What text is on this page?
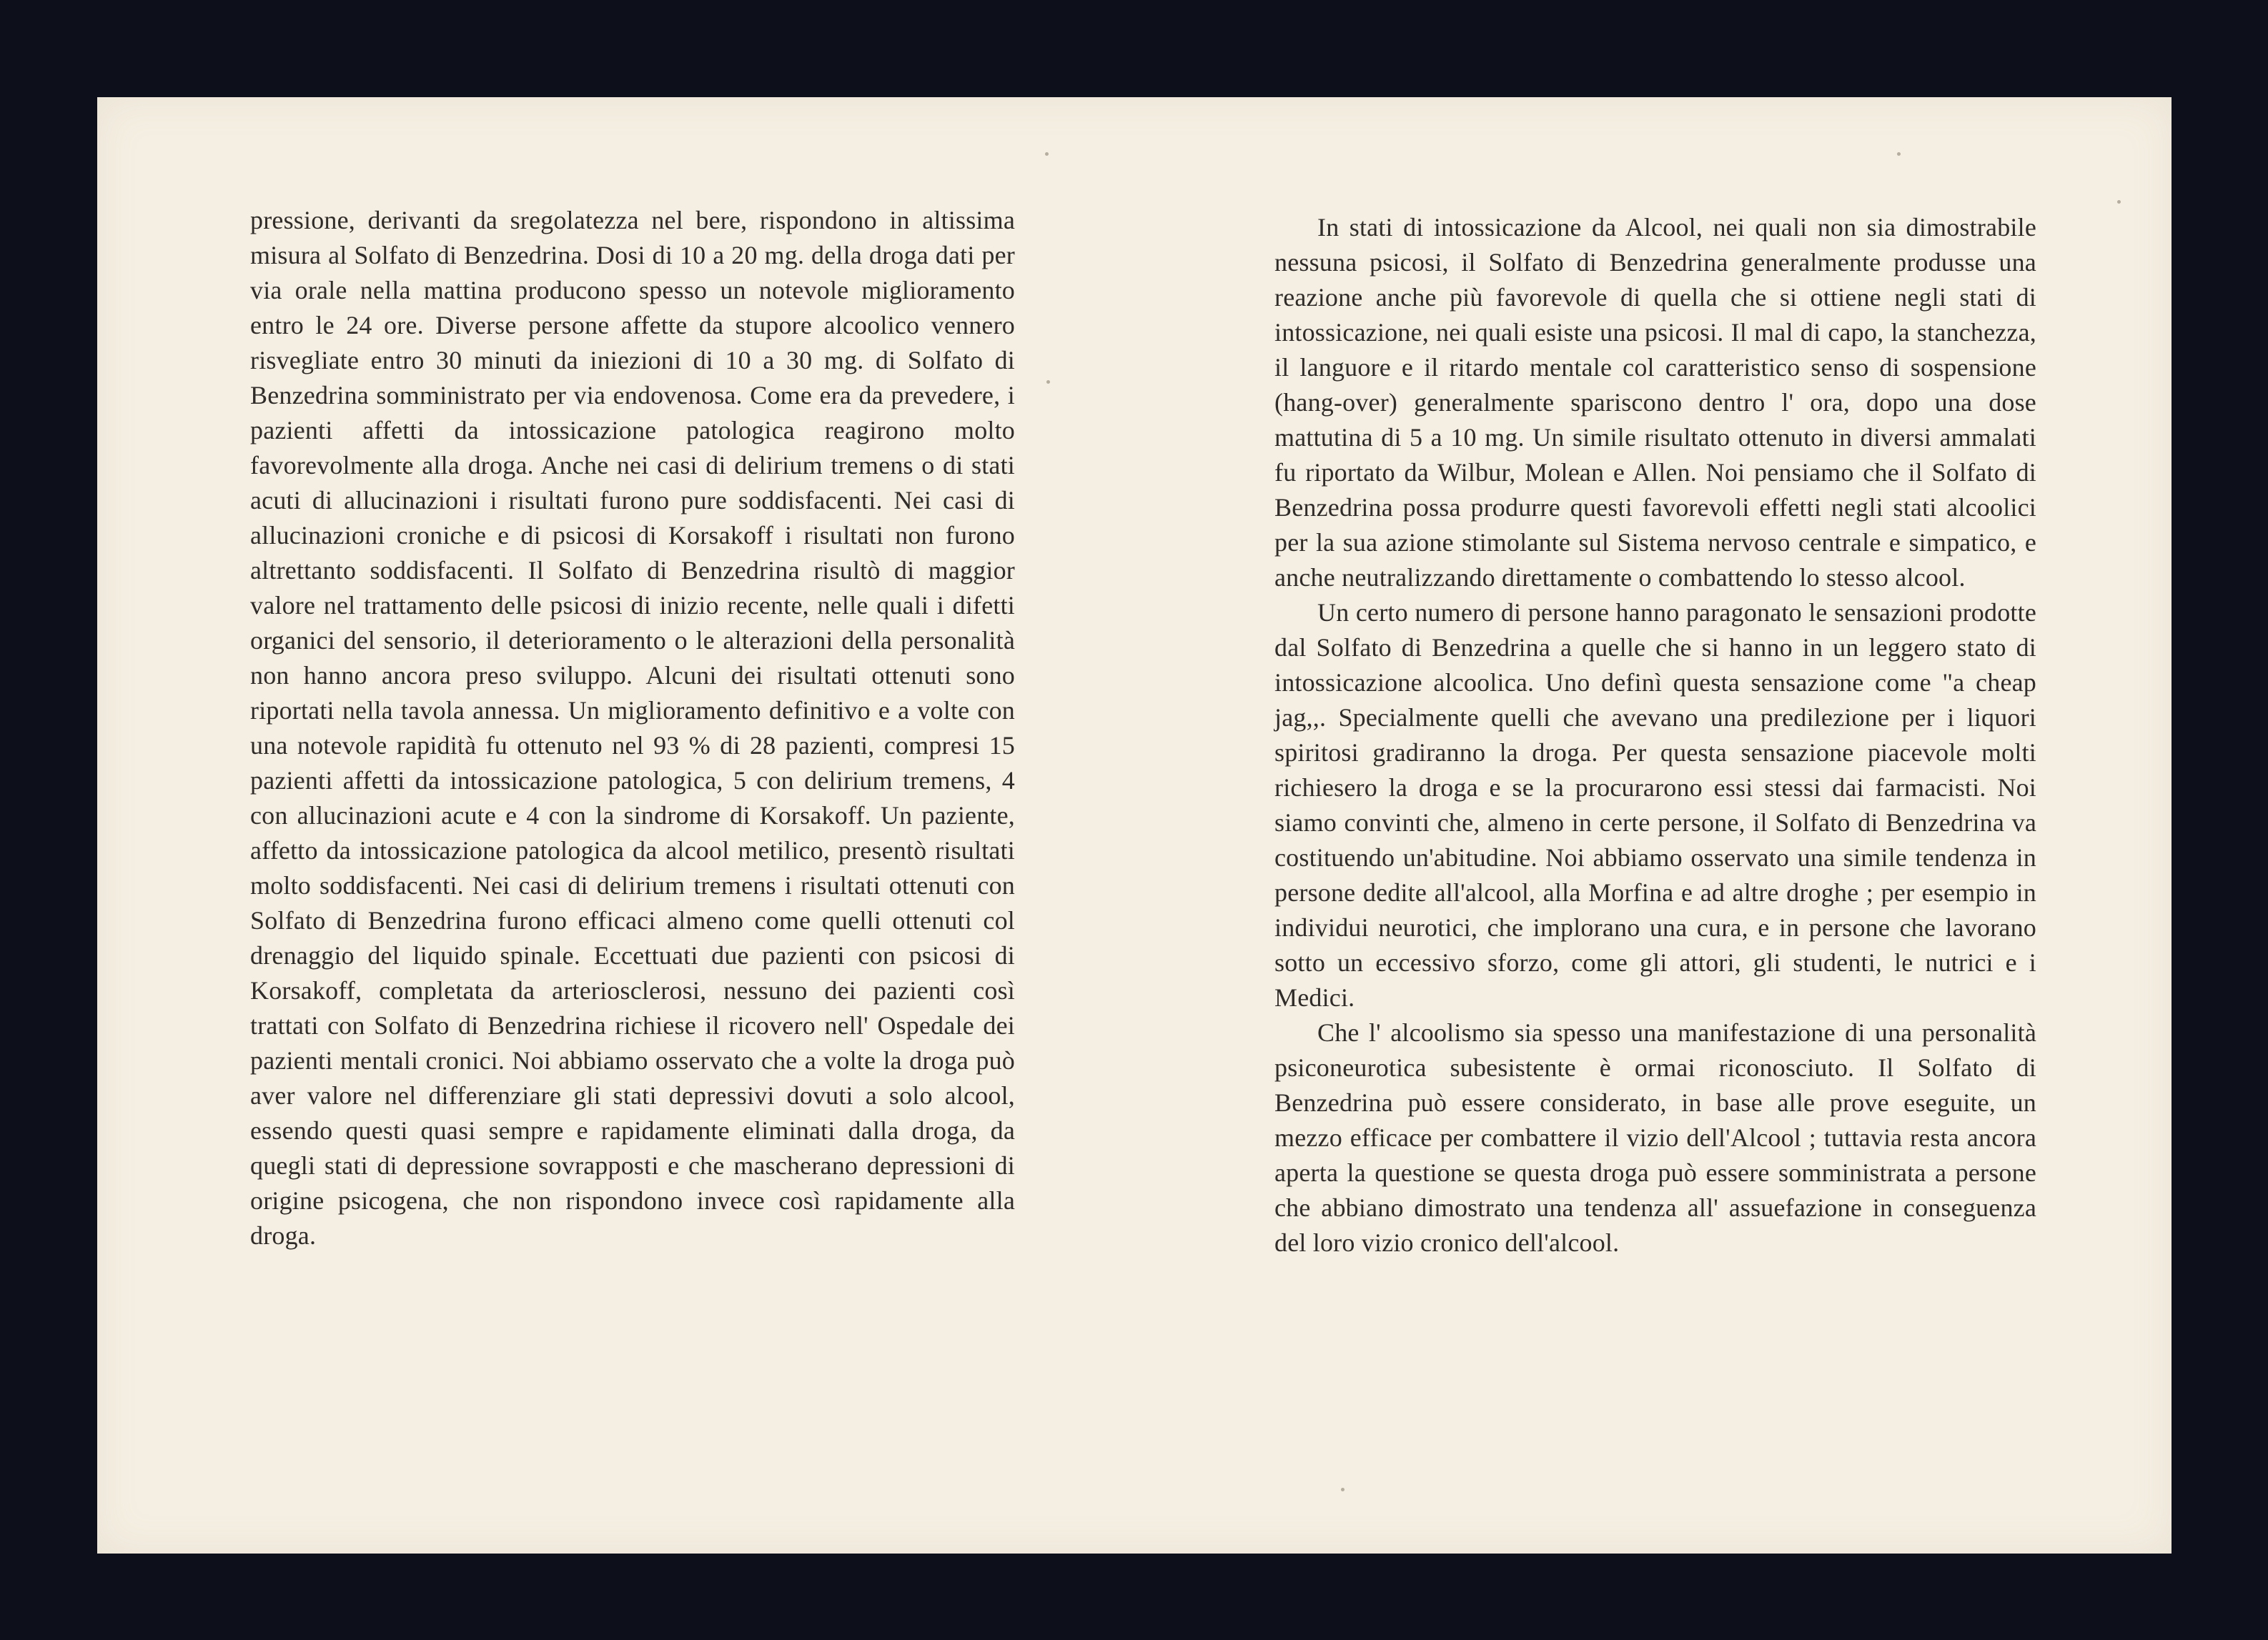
pressione, derivanti da sregolatezza nel bere, rispondono in altissima misura al Solfato di Benzedrina. Dosi di 10 a 20 mg. della droga dati per via orale nella mattina producono spesso un notevole miglioramento entro le 24 ore. Diverse persone affette da stupore alcoolico vennero risvegliate entro 30 minuti da iniezioni di 10 a 30 mg. di Solfato di Benzedrina somministrato per via endovenosa. Come era da prevedere, i pazienti affetti da intossicazione patologica reagirono molto favorevolmente alla droga. Anche nei casi di delirium tremens o di stati acuti di allucinazioni i risultati furono pure soddisfacenti. Nei casi di allucinazioni croniche e di psicosi di Korsakoff i risultati non furono altrettanto soddisfacenti. Il Solfato di Benzedrina risultò di maggior valore nel trattamento delle psicosi di inizio recente, nelle quali i difetti organici del sensorio, il deterioramento o le alterazioni della personalità non hanno ancora preso sviluppo. Alcuni dei risultati ottenuti sono riportati nella tavola annessa. Un miglioramento definitivo e a volte con una notevole rapidità fu ottenuto nel 93 % di 28 pazienti, compresi 15 pazienti affetti da intossicazione patologica, 5 con delirium tremens, 4 con allucinazioni acute e 4 con la sindrome di Korsakoff. Un paziente, affetto da intossicazione patologica da alcool metilico, presentò risultati molto soddisfacenti. Nei casi di delirium tremens i risultati ottenuti con Solfato di Benzedrina furono efficaci almeno come quelli ottenuti col drenaggio del liquido spinale. Eccettuati due pazienti con psicosi di Korsakoff, completata da arteriosclerosi, nessuno dei pazienti così trattati con Solfato di Benzedrina richiese il ricovero nell' Ospedale dei pazienti mentali cronici. Noi abbiamo osservato che a volte la droga può aver valore nel differenziare gli stati depressivi dovuti a solo alcool, essendo questi quasi sempre e rapidamente eliminati dalla droga, da quegli stati di depressione sovrapposti e che mascherano depressioni di origine psicogena, che non rispondono invece così rapidamente alla droga.

In stati di intossicazione da Alcool, nei quali non sia dimostrabile nessuna psicosi, il Solfato di Benzedrina generalmente produsse una reazione anche più favorevole di quella che si ottiene negli stati di intossicazione, nei quali esiste una psicosi. Il mal di capo, la stanchezza, il languore e il ritardo mentale col caratteristico senso di sospensione (hang-over) generalmente spariscono dentro l' ora, dopo una dose mattutina di 5 a 10 mg. Un simile risultato ottenuto in diversi ammalati fu riportato da Wilbur, Molean e Allen. Noi pensiamo che il Solfato di Benzedrina possa produrre questi favorevoli effetti negli stati alcoolici per la sua azione stimolante sul Sistema nervoso centrale e simpatico, e anche neutralizzando direttamente o combattendo lo stesso alcool.

Un certo numero di persone hanno paragonato le sensazioni prodotte dal Solfato di Benzedrina a quelle che si hanno in un leggero stato di intossicazione alcoolica. Uno definì questa sensazione come "a cheap jag,,. Specialmente quelli che avevano una predilezione per i liquori spiritosi gradiranno la droga. Per questa sensazione piacevole molti richiesero la droga e se la procurarono essi stessi dai farmacisti. Noi siamo convinti che, almeno in certe persone, il Solfato di Benzedrina va costituendo un'abitudine. Noi abbiamo osservato una simile tendenza in persone dedite all'alcool, alla Morfina e ad altre droghe ; per esempio in individui neurotici, che implorano una cura, e in persone che lavorano sotto un eccessivo sforzo, come gli attori, gli studenti, le nutrici e i Medici.

Che l' alcoolismo sia spesso una manifestazione di una personalità psiconeurotica subesistente è ormai riconosciuto. Il Solfato di Benzedrina può essere considerato, in base alle prove eseguite, un mezzo efficace per combattere il vizio dell'Alcool ; tuttavia resta ancora aperta la questione se questa droga può essere somministrata a persone che abbiano dimostrato una tendenza all' assuefazione in conseguenza del loro vizio cronico dell'alcool.
